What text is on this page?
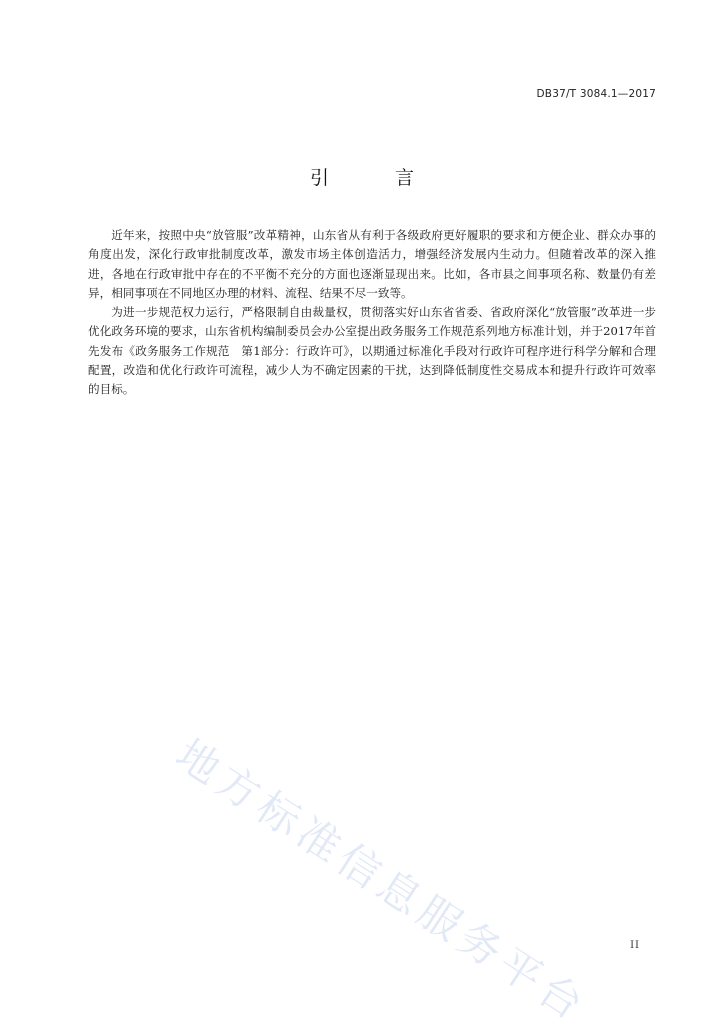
DB37/T 3084.1—2017
引 言

近年来，按照中央“放管服”改革精神，山东省从有利于各级政府更好履职的要求和方便企业、群众办事的角度出发，深化行政审批制度改革，激发市场主体创造活力，增强经济发展内生动力。但随着改革的深入推进，各地在行政审批中存在的不平衡不充分的方面也逐渐显现出来。比如，各市县之间事项名称、数量仍有差异，相同事项在不同地区办理的材料、流程、结果不尽一致等。

为进一步规范权力运行，严格限制自由裁量权，贯彻落实好山东省省委、省政府深化“放管服”改革进一步优化政务环境的要求，山东省机构编制委员会办公室提出政务服务工作规范系列地方标准计划，并于2017年首先发布《政务服务工作规范　第1部分：行政许可》，以期通过标准化手段对行政许可程序进行科学分解和合理配置，改造和优化行政许可流程，减少人为不确定因素的干扰，达到降低制度性交易成本和提升行政许可效率的目标。

地方标准信息服务平台	II
